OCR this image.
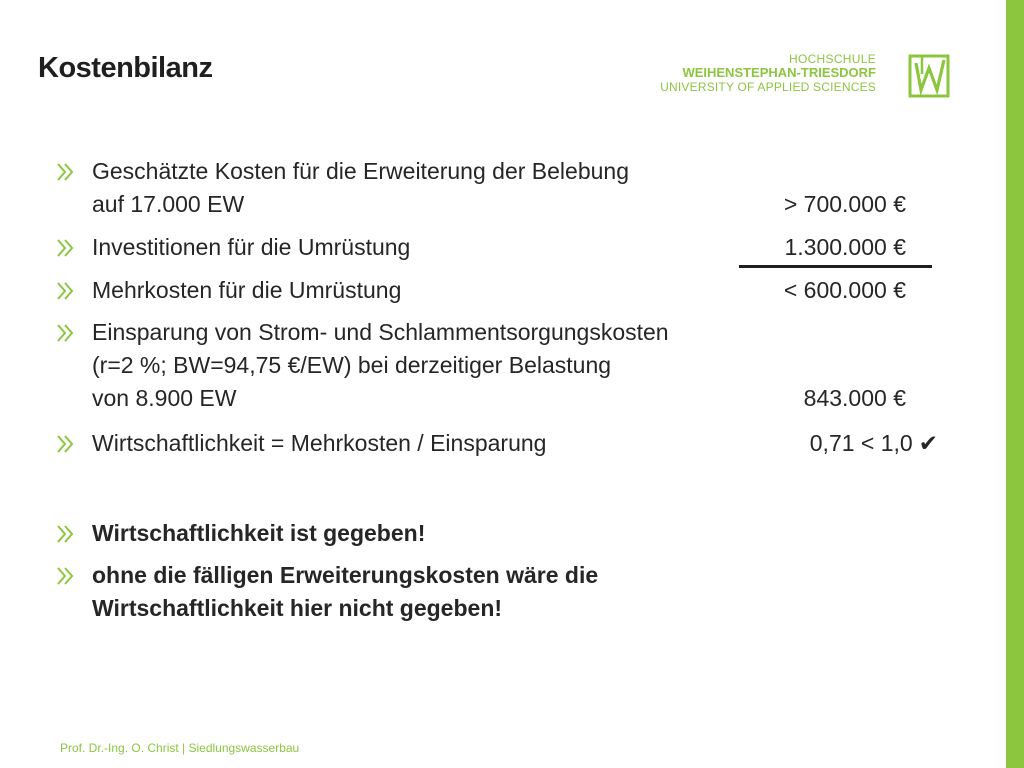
Kostenbilanz	HOCHSCHULE
WEIHENSTEPHAN-TRIESDORF
UNIVERSITY OF APPLIED SCIENCES
Geschätzte Kosten für die Erweiterung der Belebung
auf 17.000 EW	> 700.000 €
Investitionen für die Umrüstung	1.300.000 €
Mehrkosten für die Umrüstung	< 600.000 €
Einsparung von Strom- und Schlammentsorgungskosten
(r=2 %; BW=94,75 €/EW) bei derzeitiger Belastung
von 8.900 EW	843.000 €
Wirtschaftlichkeit = Mehrkosten / Einsparung	0,71 < 1,0 ✔
Wirtschaftlichkeit ist gegeben!
ohne die fälligen Erweiterungskosten wäre die
Wirtschaftlichkeit hier nicht gegeben!
Prof. Dr.-Ing. O. Christ | Siedlungswasserbau
